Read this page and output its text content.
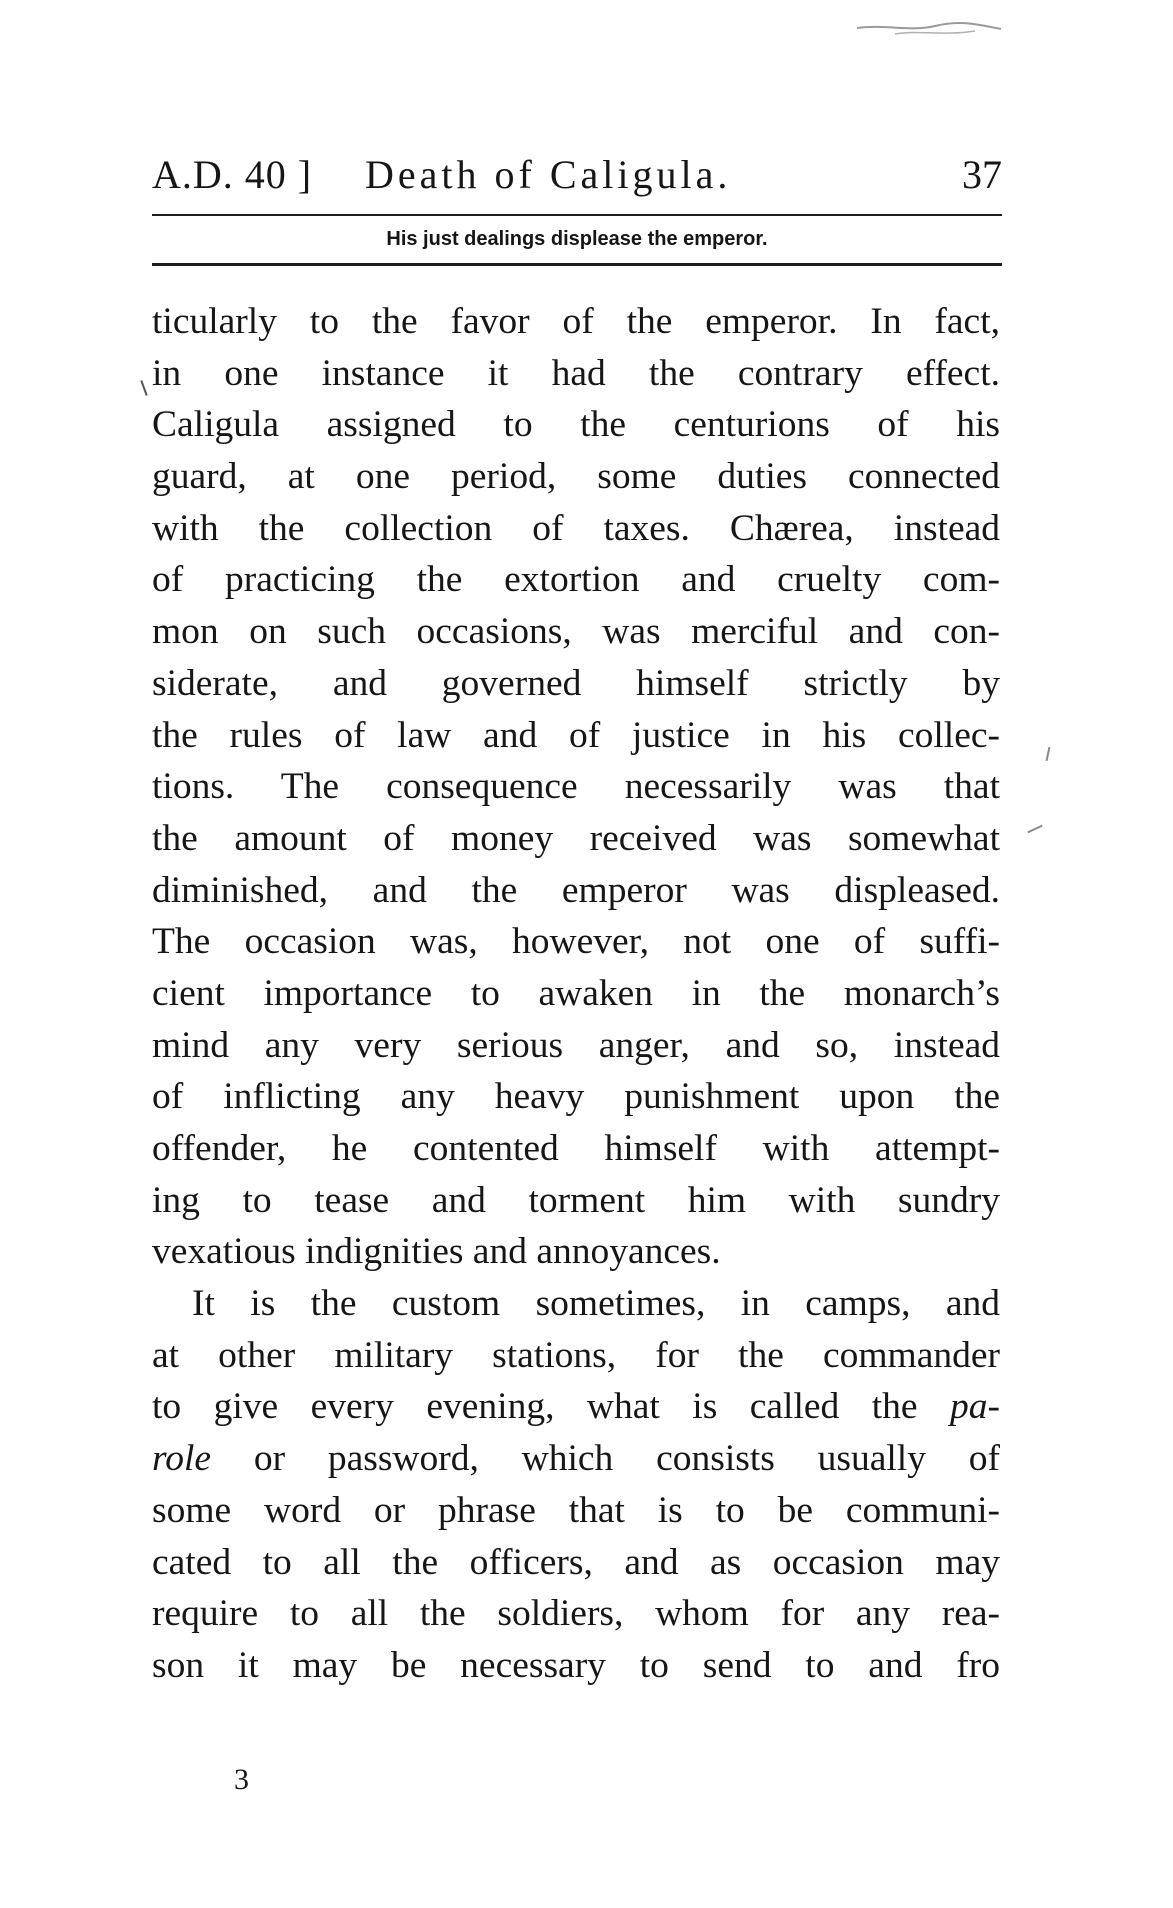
A.D. 40 ] Death of Caligula.	37
His just dealings displease the emperor.
ticularly to the favor of the emperor. In fact,
in one instance it had the contrary effect.
Caligula assigned to the centurions of his
guard, at one period, some duties connected
with the collection of taxes. Chærea, instead
of practicing the extortion and cruelty com-
mon on such occasions, was merciful and con-
siderate, and governed himself strictly by
the rules of law and of justice in his collec-
tions. The consequence necessarily was that
the amount of money received was somewhat
diminished, and the emperor was displeased.
The occasion was, however, not one of suffi-
cient importance to awaken in the monarch’s
mind any very serious anger, and so, instead
of inflicting any heavy punishment upon the
offender, he contented himself with attempt-
ing to tease and torment him with sundry
vexatious indignities and annoyances.
It is the custom sometimes, in camps, and
at other military stations, for the commander
to give every evening, what is called the pa-
role or password, which consists usually of
some word or phrase that is to be communi-
cated to all the officers, and as occasion may
require to all the soldiers, whom for any rea-
son it may be necessary to send to and fro
3
